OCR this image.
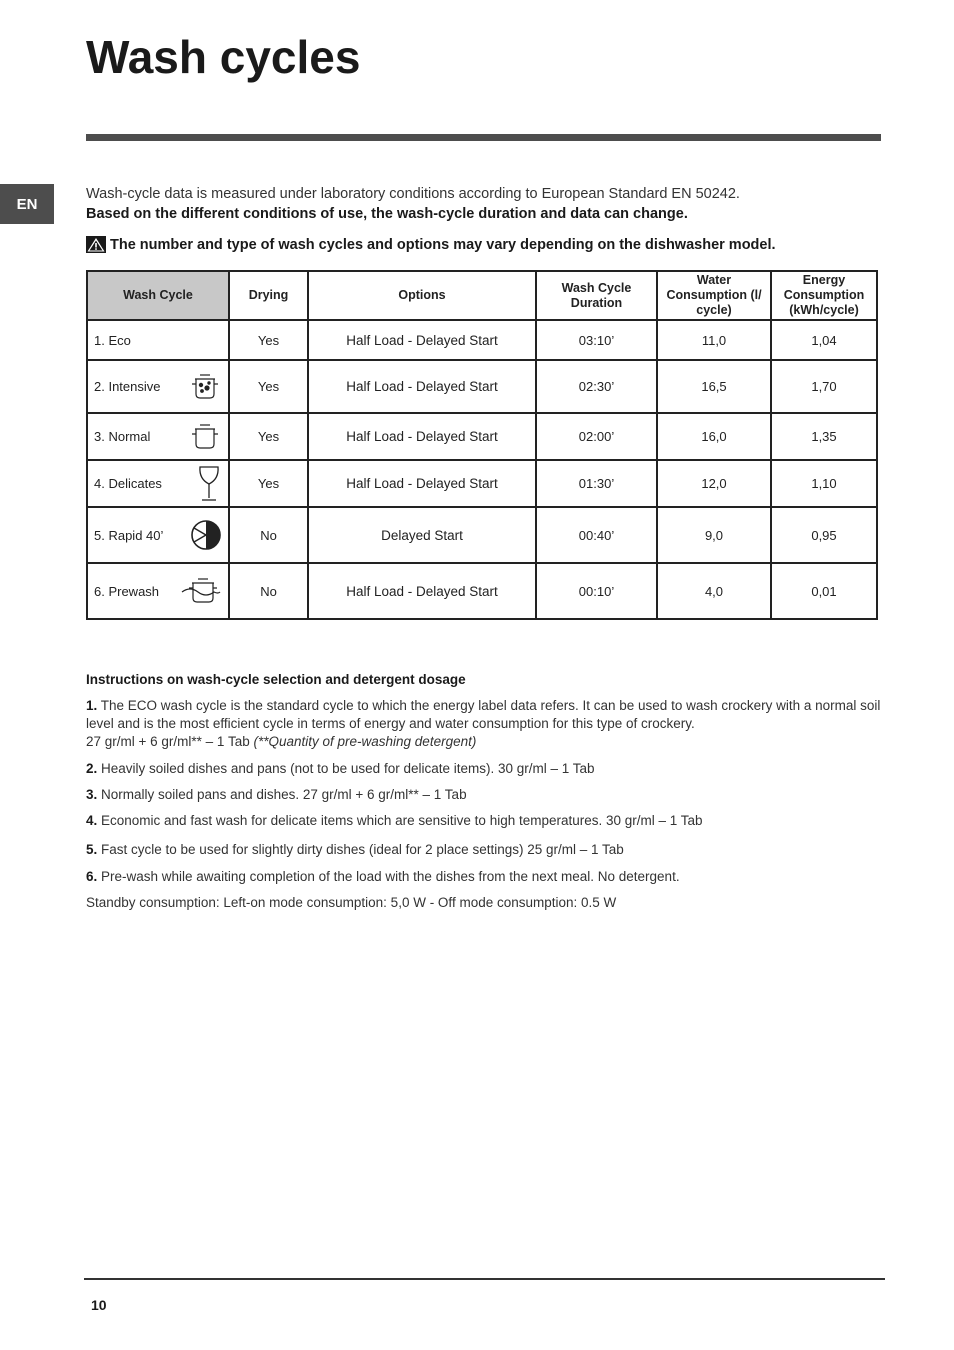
Wash cycles
EN

Wash-cycle data is measured under laboratory conditions according to European Standard EN 50242.

Based on the different conditions of use, the wash-cycle duration and data can change.

The number and type of wash cycles and options may vary depending on the dishwasher model.
Wash Cycle	Drying	Options	Wash Cycle Duration	Water Consumption (l/ cycle)	Energy Consumption (kWh/cycle)
1. Eco	Yes	Half Load - Delayed Start	03:10’	11,0	1,04
2. Intensive	Yes	Half Load - Delayed Start	02:30’	16,5	1,70
3. Normal	Yes	Half Load - Delayed Start	02:00’	16,0	1,35
4. Delicates	Yes	Half Load - Delayed Start	01:30’	12,0	1,10
5. Rapid 40’	No	Delayed Start	00:40’	9,0	0,95
6. Prewash	No	Half Load - Delayed Start	00:10’	4,0	0,01
Instructions on wash-cycle selection and detergent dosage

1. The ECO wash cycle is the standard cycle to which the energy label data refers. It can be used to wash crockery with a normal soil level and is the most efficient cycle in terms of energy and water consumption for this type of crockery.
27 gr/ml + 6 gr/ml** – 1 Tab (**Quantity of pre-washing detergent)

2. Heavily soiled dishes and pans (not to be used for delicate items). 30 gr/ml – 1 Tab

3. Normally soiled pans and dishes. 27 gr/ml + 6 gr/ml** – 1 Tab

4. Economic and fast wash for delicate items which are sensitive to high temperatures. 30 gr/ml – 1 Tab

5. Fast cycle to be used for slightly dirty dishes (ideal for 2 place settings) 25 gr/ml – 1 Tab

6. Pre-wash while awaiting completion of the load with the dishes from the next meal. No detergent.

Standby consumption: Left-on mode consumption: 5,0 W - Off mode consumption: 0.5 W

10
